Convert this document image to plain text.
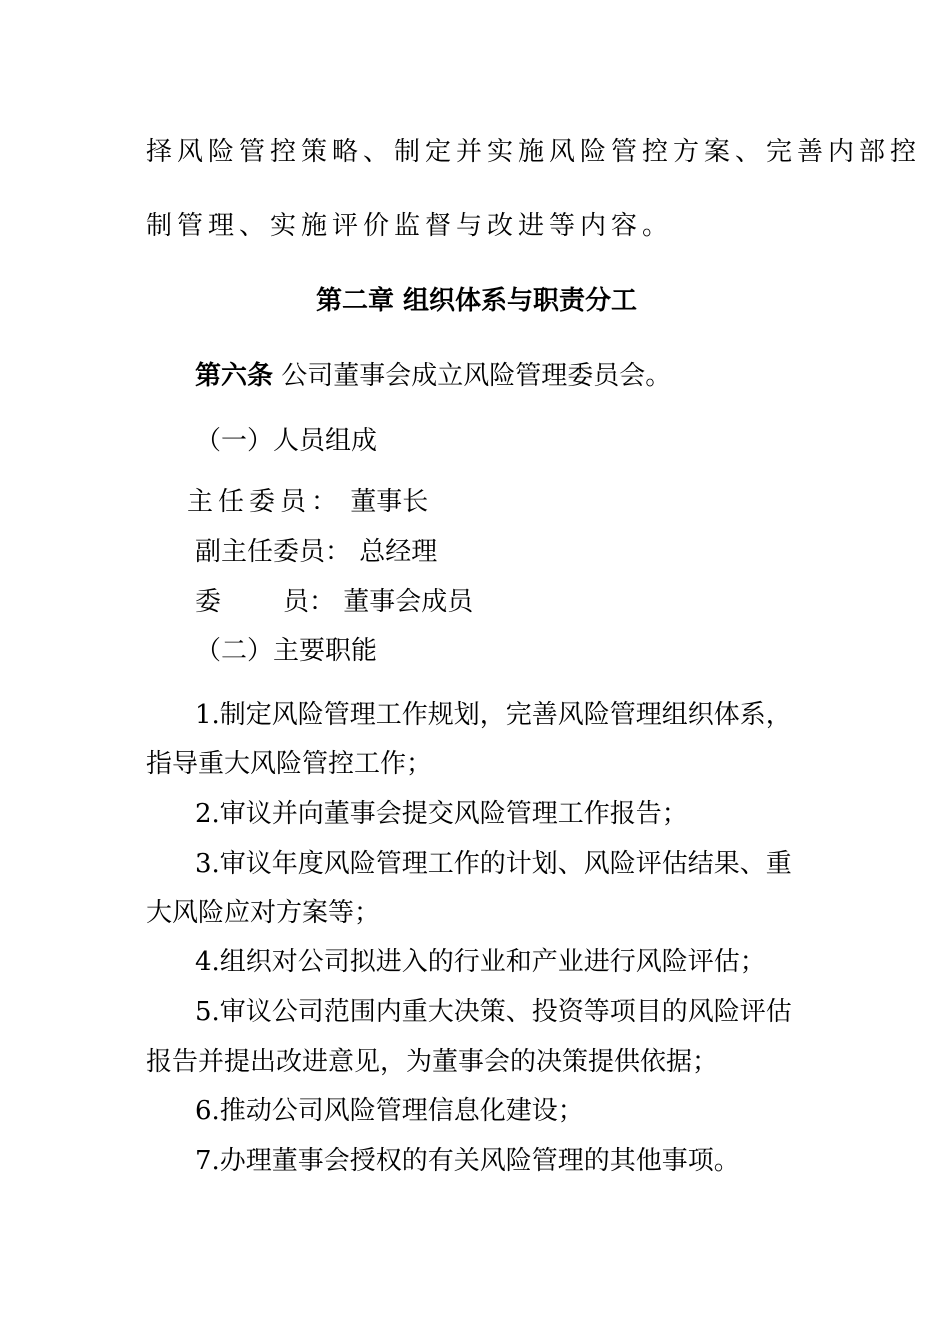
择风险管控策略、制定并实施风险管控方案、完善内部控
制管理、实施评价监督与改进等内容。
第二章 组织体系与职责分工
第六条 公司董事会成立风险管理委员会。
（一）人员组成
主任委员： 董事长
副主任委员： 总经理
委 员： 董事会成员
（二）主要职能
1.制定风险管理工作规划，完善风险管理组织体系，
指导重大风险管控工作；
2.审议并向董事会提交风险管理工作报告；
3.审议年度风险管理工作的计划、风险评估结果、重
大风险应对方案等；
4.组织对公司拟进入的行业和产业进行风险评估；
5.审议公司范围内重大决策、投资等项目的风险评估
报告并提出改进意见，为董事会的决策提供依据；
6.推动公司风险管理信息化建设；
7.办理董事会授权的有关风险管理的其他事项。
